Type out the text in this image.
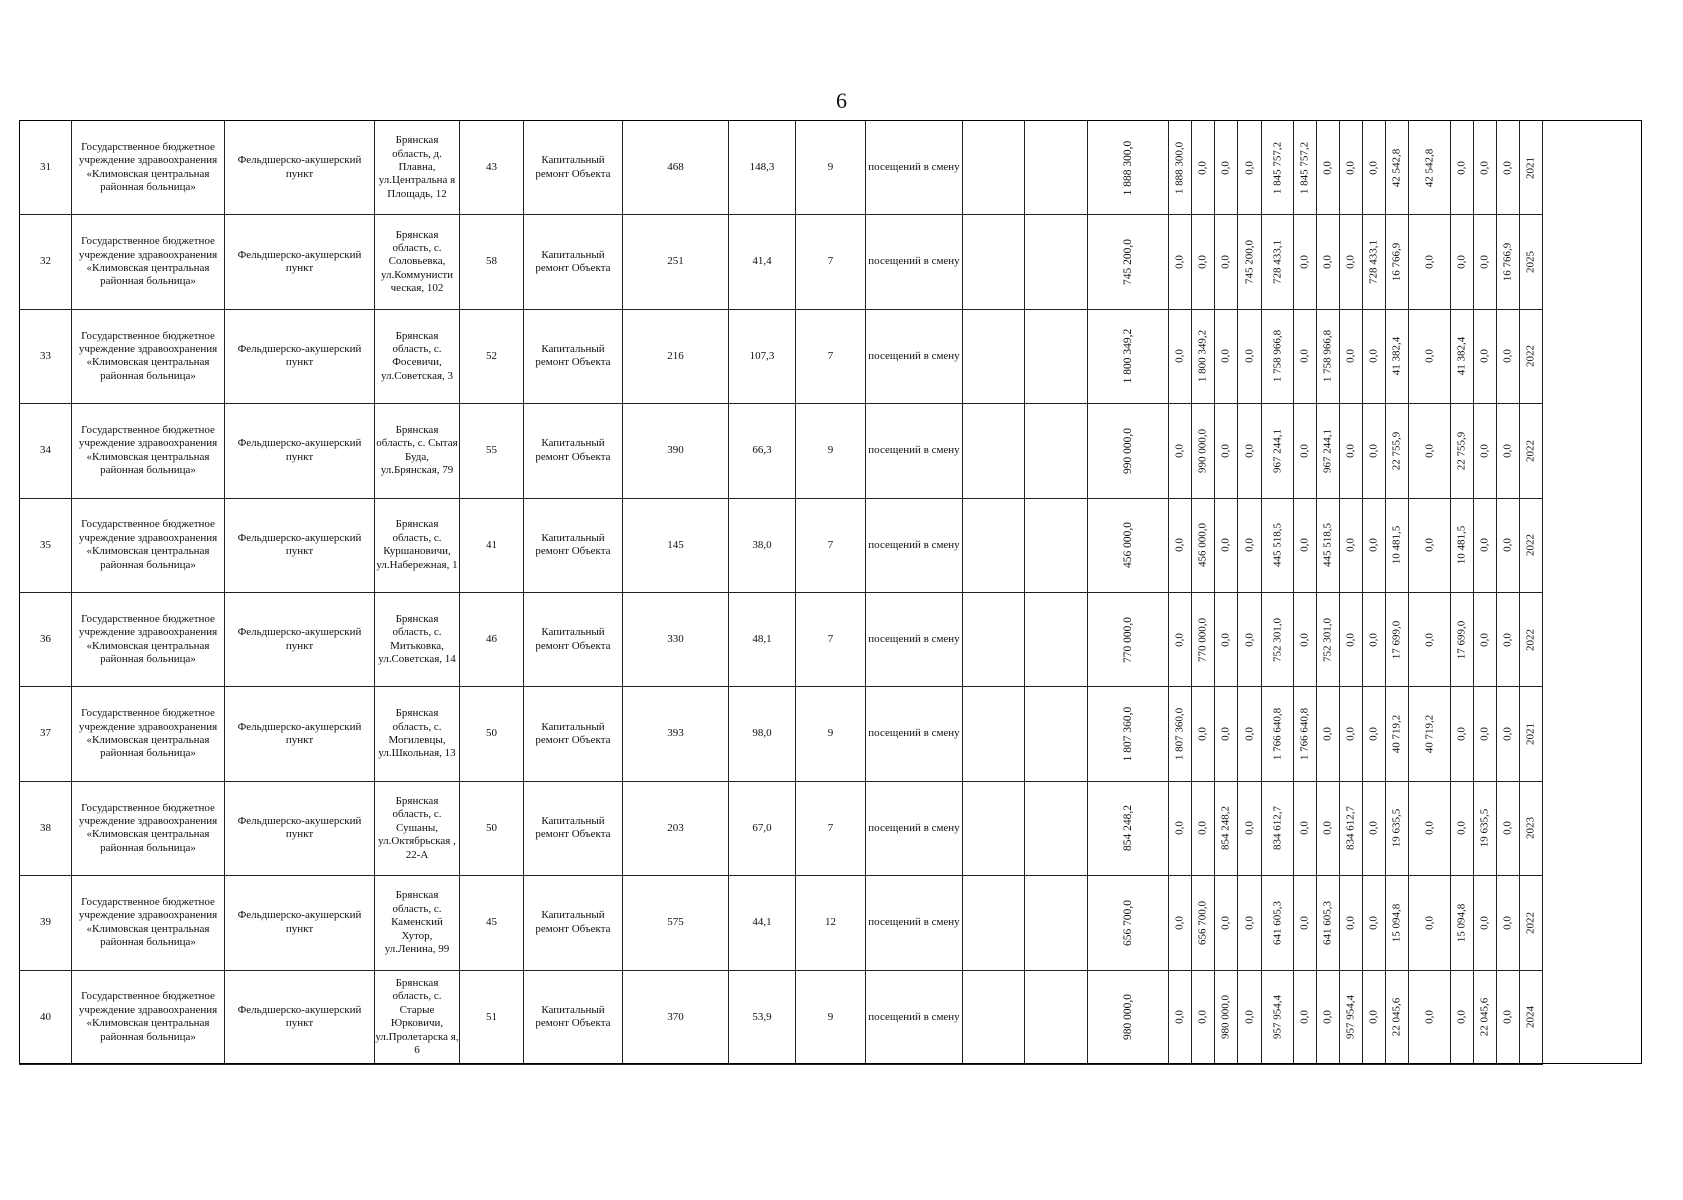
6
31	Государственное бюджетное учреждение здравоохранения «Климовская центральная районная больница»	Фельдшерско-акушерский пункт	Брянская область, д. Плавна, ул.Центральна я Площадь, 12	43	Капитальный ремонт Объекта	468	148,3	9	посещений в смену			1 888 300,0	1 888 300,0	0,0	0,0	0,0	1 845 757,2	1 845 757,2	0,0	0,0	0,0	42 542,8	42 542,8	0,0	0,0	0,0	2021

32	Государственное бюджетное учреждение здравоохранения «Климовская центральная районная больница»	Фельдшерско-акушерский пункт	Брянская область, с. Соловьевка, ул.Коммунисти ческая, 102	58	Капитальный ремонт Объекта	251	41,4	7	посещений в смену			745 200,0	0,0	0,0	0,0	745 200,0	728 433,1	0,0	0,0	0,0	728 433,1	16 766,9	0,0	0,0	0,0	16 766,9	2025

33	Государственное бюджетное учреждение здравоохранения «Климовская центральная районная больница»	Фельдшерско-акушерский пункт	Брянская область, с. Фосевичи, ул.Советская, 3	52	Капитальный ремонт Объекта	216	107,3	7	посещений в смену			1 800 349,2	0,0	1 800 349,2	0,0	0,0	1 758 966,8	0,0	1 758 966,8	0,0	0,0	41 382,4	0,0	41 382,4	0,0	0,0	2022

34	Государственное бюджетное учреждение здравоохранения «Климовская центральная районная больница»	Фельдшерско-акушерский пункт	Брянская область, с. Сытая Буда, ул.Брянская, 79	55	Капитальный ремонт Объекта	390	66,3	9	посещений в смену			990 000,0	0,0	990 000,0	0,0	0,0	967 244,1	0,0	967 244,1	0,0	0,0	22 755,9	0,0	22 755,9	0,0	0,0	2022

35	Государственное бюджетное учреждение здравоохранения «Климовская центральная районная больница»	Фельдшерско-акушерский пункт	Брянская область, с. Куршановичи, ул.Набережная, 1	41	Капитальный ремонт Объекта	145	38,0	7	посещений в смену			456 000,0	0,0	456 000,0	0,0	0,0	445 518,5	0,0	445 518,5	0,0	0,0	10 481,5	0,0	10 481,5	0,0	0,0	2022

36	Государственное бюджетное учреждение здравоохранения «Климовская центральная районная больница»	Фельдшерско-акушерский пункт	Брянская область, с. Митьковка, ул.Советская, 14	46	Капитальный ремонт Объекта	330	48,1	7	посещений в смену			770 000,0	0,0	770 000,0	0,0	0,0	752 301,0	0,0	752 301,0	0,0	0,0	17 699,0	0,0	17 699,0	0,0	0,0	2022

37	Государственное бюджетное учреждение здравоохранения «Климовская центральная районная больница»	Фельдшерско-акушерский пункт	Брянская область, с. Могилевцы, ул.Школьная, 13	50	Капитальный ремонт Объекта	393	98,0	9	посещений в смену			1 807 360,0	1 807 360,0	0,0	0,0	0,0	1 766 640,8	1 766 640,8	0,0	0,0	0,0	40 719,2	40 719,2	0,0	0,0	0,0	2021

38	Государственное бюджетное учреждение здравоохранения «Климовская центральная районная больница»	Фельдшерско-акушерский пункт	Брянская область, с. Сушаны, ул.Октябрьская , 22-А	50	Капитальный ремонт Объекта	203	67,0	7	посещений в смену			854 248,2	0,0	0,0	854 248,2	0,0	834 612,7	0,0	0,0	834 612,7	0,0	19 635,5	0,0	0,0	19 635,5	0,0	2023

39	Государственное бюджетное учреждение здравоохранения «Климовская центральная районная больница»	Фельдшерско-акушерский пункт	Брянская область, с. Каменский Хутор, ул.Ленина, 99	45	Капитальный ремонт Объекта	575	44,1	12	посещений в смену			656 700,0	0,0	656 700,0	0,0	0,0	641 605,3	0,0	641 605,3	0,0	0,0	15 094,8	0,0	15 094,8	0,0	0,0	2022

40	Государственное бюджетное учреждение здравоохранения «Климовская центральная районная больница»	Фельдшерско-акушерский пункт	Брянская область, с. Старые Юрковичи, ул.Пролетарска я, 6	51	Капитальный ремонт Объекта	370	53,9	9	посещений в смену			980 000,0	0,0	0,0	980 000,0	0,0	957 954,4	0,0	0,0	957 954,4	0,0	22 045,6	0,0	0,0	22 045,6	0,0	2024
